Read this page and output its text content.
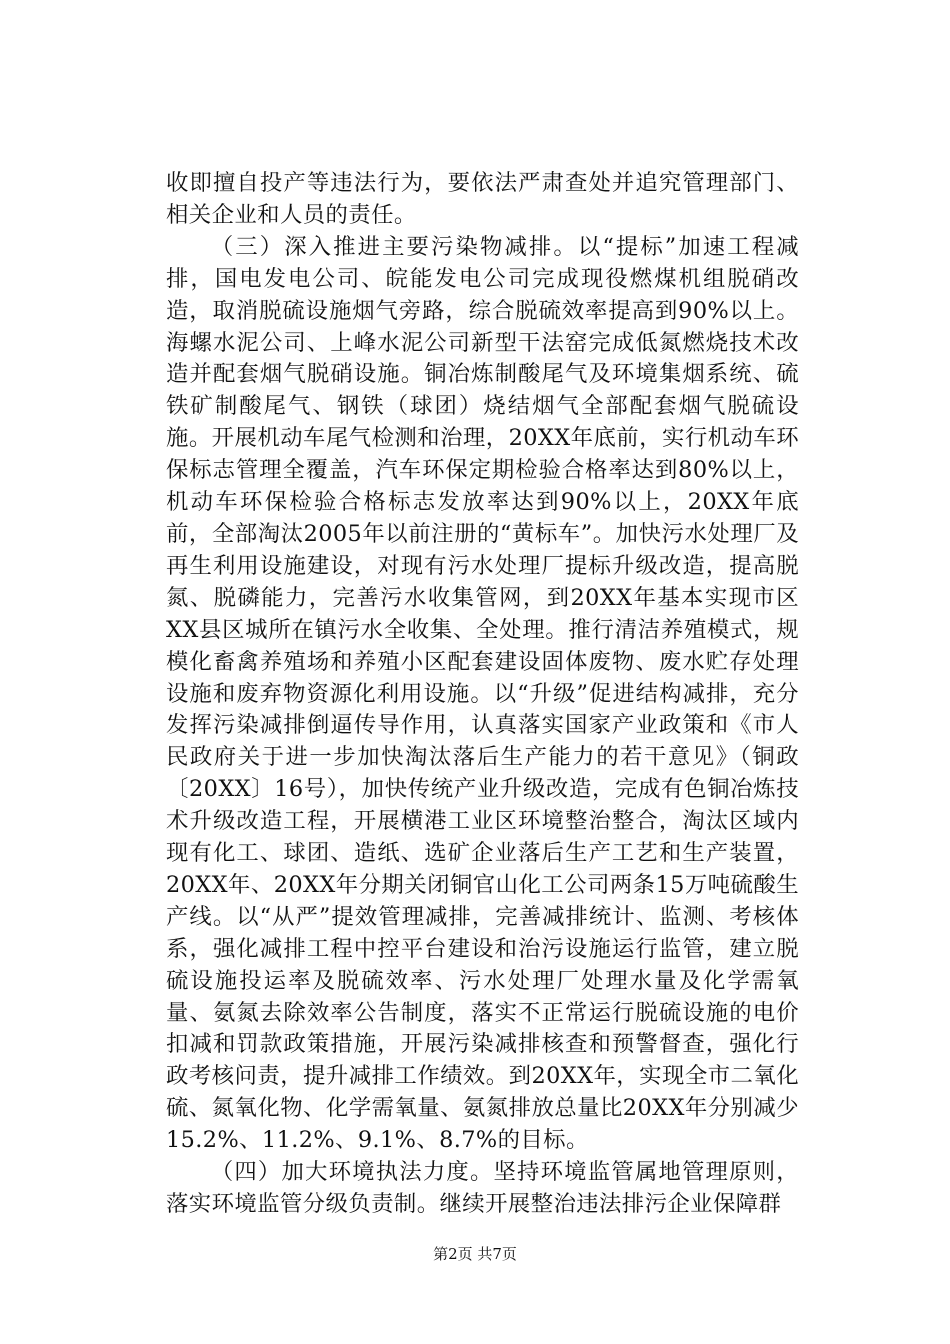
收即擅自投产等违法行为，要依法严肃查处并追究管理部门、相关企业和人员的责任。

（三）深入推进主要污染物减排。以“提标”加速工程减排，国电发电公司、皖能发电公司完成现役燃煤机组脱硝改造，取消脱硫设施烟气旁路，综合脱硫效率提高到90%以上。海螺水泥公司、上峰水泥公司新型干法窑完成低氮燃烧技术改造并配套烟气脱硝设施。铜冶炼制酸尾气及环境集烟系统、硫铁矿制酸尾气、钢铁（球团）烧结烟气全部配套烟气脱硫设施。开展机动车尾气检测和治理，20XX年底前，实行机动车环保标志管理全覆盖，汽车环保定期检验合格率达到80%以上，机动车环保检验合格标志发放率达到90%以上，20XX年底前，全部淘汰2005年以前注册的“黄标车”。加快污水处理厂及再生利用设施建设，对现有污水处理厂提标升级改造，提高脱氮、脱磷能力，完善污水收集管网，到20XX年基本实现市区XX县区城所在镇污水全收集、全处理。推行清洁养殖模式，规模化畜禽养殖场和养殖小区配套建设固体废物、废水贮存处理设施和废弃物资源化利用设施。以“升级”促进结构减排，充分发挥污染减排倒逼传导作用，认真落实国家产业政策和《市人民政府关于进一步加快淘汰落后生产能力的若干意见》（铜政〔20XX〕16号），加快传统产业升级改造，完成有色铜冶炼技术升级改造工程，开展横港工业区环境整治整合，淘汰区域内现有化工、球团、造纸、选矿企业落后生产工艺和生产装置，20XX年、20XX年分期关闭铜官山化工公司两条15万吨硫酸生产线。以“从严”提效管理减排，完善减排统计、监测、考核体系，强化减排工程中控平台建设和治污设施运行监管，建立脱硫设施投运率及脱硫效率、污水处理厂处理水量及化学需氧量、氨氮去除效率公告制度，落实不正常运行脱硫设施的电价扣减和罚款政策措施，开展污染减排核查和预警督查，强化行政考核问责，提升减排工作绩效。到20XX年，实现全市二氧化硫、氮氧化物、化学需氧量、氨氮排放总量比20XX年分别减少15.2%、11.2%、9.1%、8.7%的目标。

（四）加大环境执法力度。坚持环境监管属地管理原则，落实环境监管分级负责制。继续开展整治违法排污企业保障群

第2页 共7页
